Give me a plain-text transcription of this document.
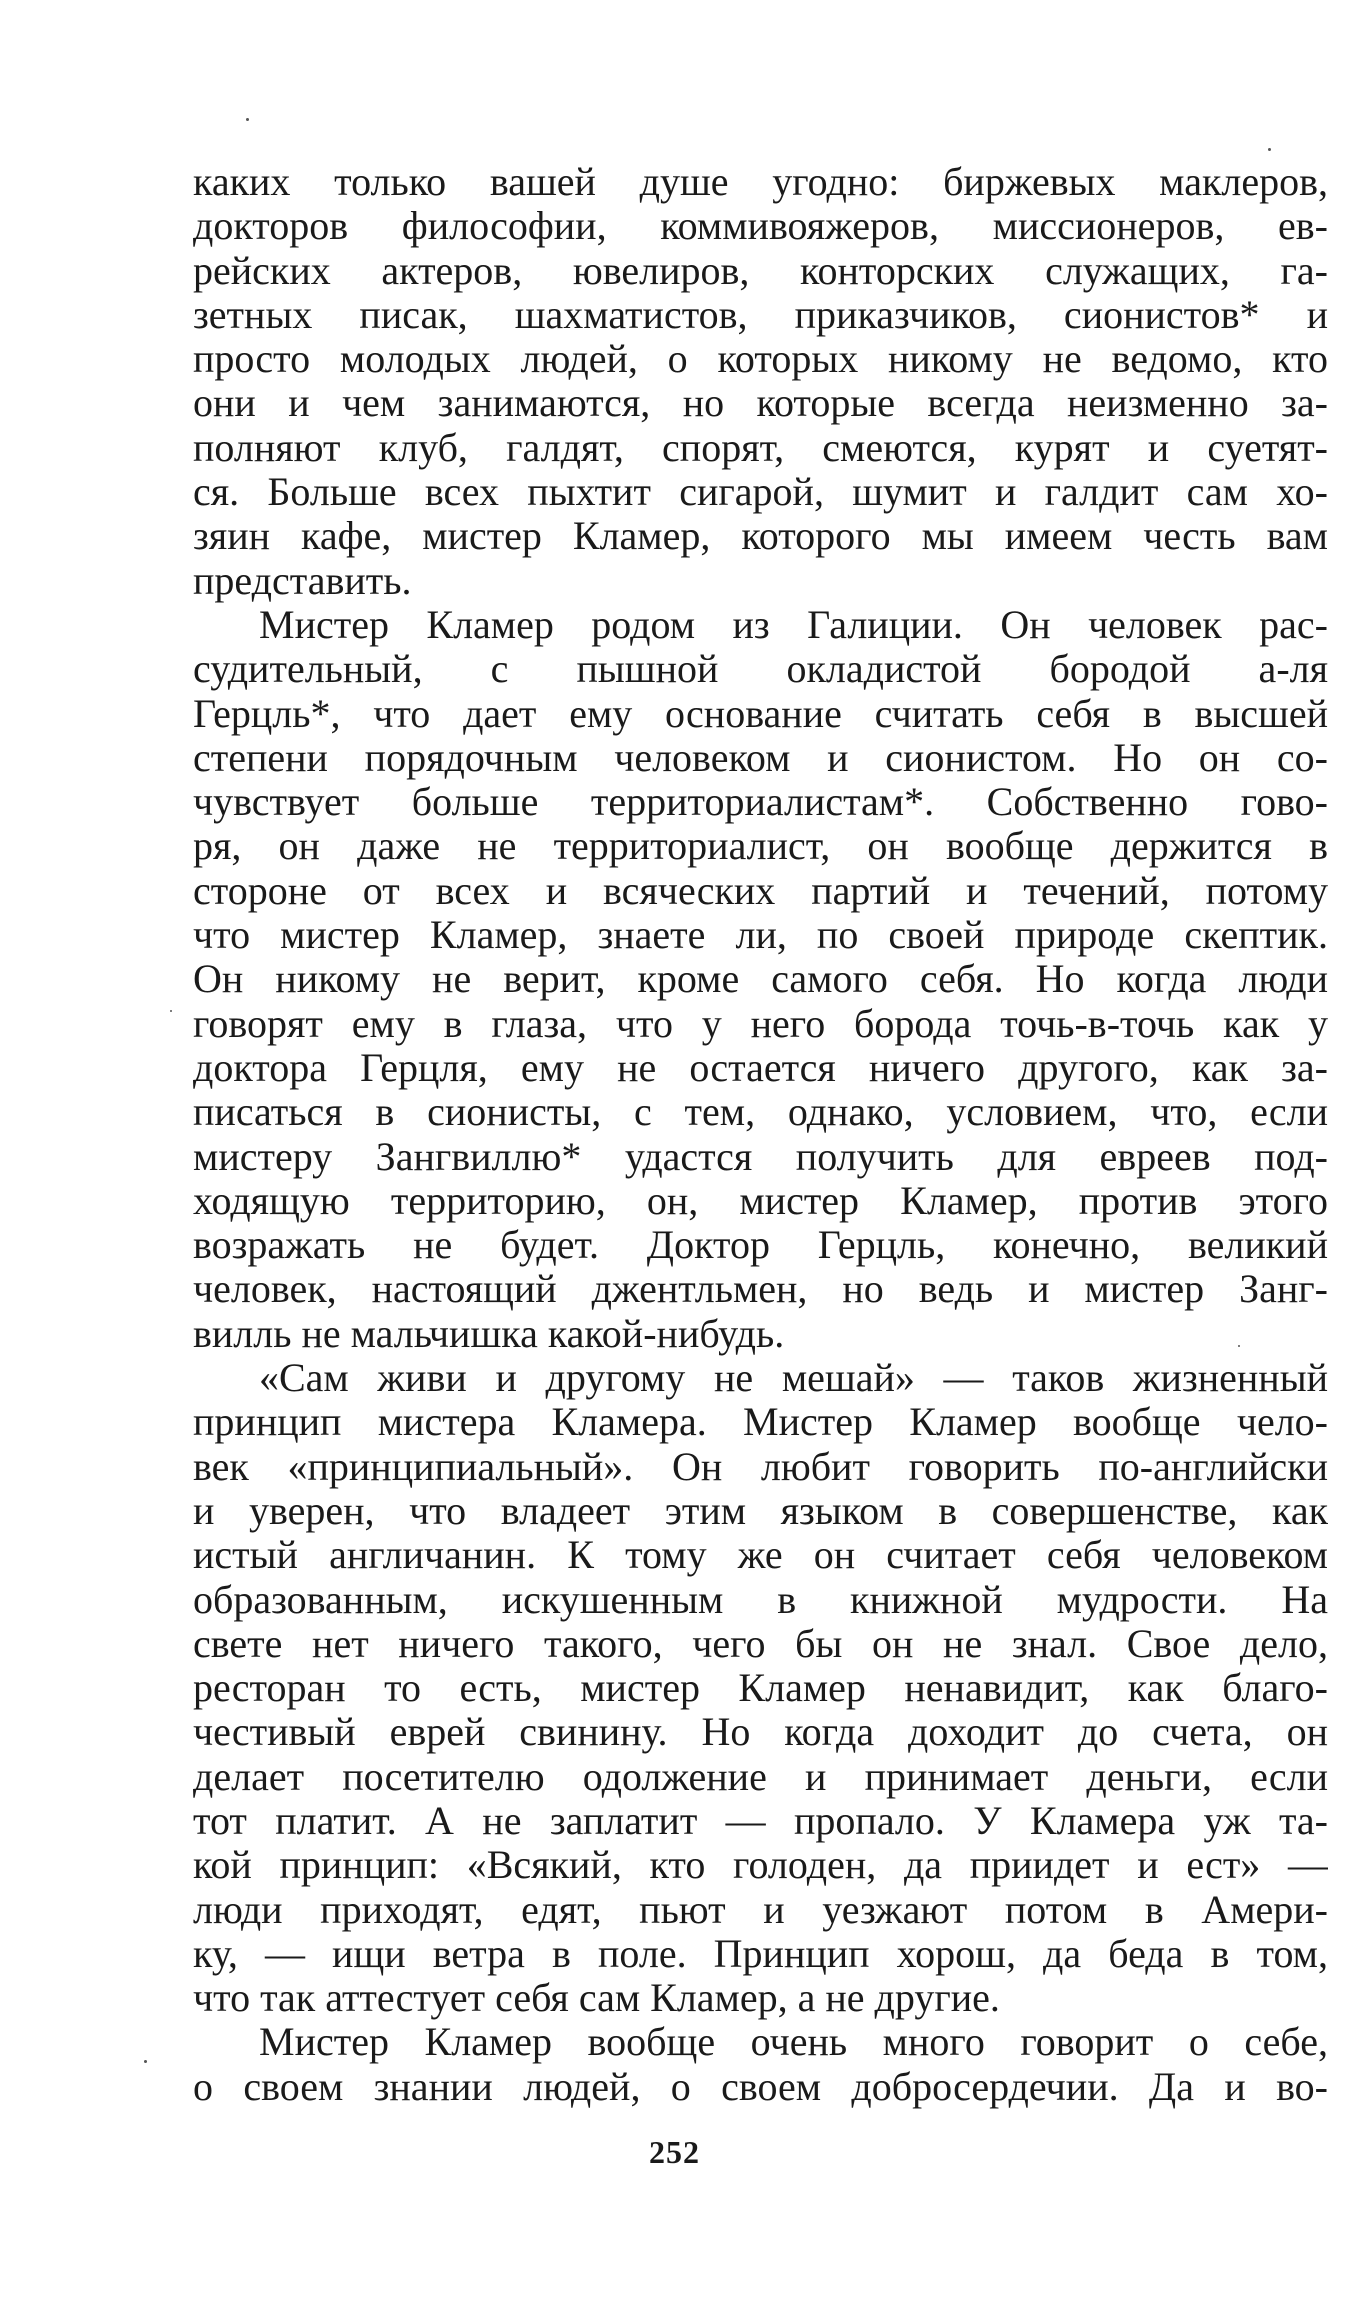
каких только вашей душе угодно: биржевых маклеров,
докторов философии, коммивояжеров, миссионеров, ев-
рейских актеров, ювелиров, конторских служащих, га-
зетных писак, шахматистов, приказчиков, сионистов* и
просто молодых людей, о которых никому не ведомо, кто
они и чем занимаются, но которые всегда неизменно за-
полняют клуб, галдят, спорят, смеются, курят и суетят-
ся. Больше всех пыхтит сигарой, шумит и галдит сам хо-
зяин кафе, мистер Кламер, которого мы имеем честь вам
представить.
Мистер Кламер родом из Галиции. Он человек рас-
судительный, с пышной окладистой бородой а-ля
Герцль*, что дает ему основание считать себя в высшей
степени порядочным человеком и сионистом. Но он со-
чувствует больше территориалистам*. Собственно гово-
ря, он даже не территориалист, он вообще держится в
стороне от всех и всяческих партий и течений, потому
что мистер Кламер, знаете ли, по своей природе скептик.
Он никому не верит, кроме самого себя. Но когда люди
говорят ему в глаза, что у него борода точь-в-точь как у
доктора Герцля, ему не остается ничего другого, как за-
писаться в сионисты, с тем, однако, условием, что, если
мистеру Зангвиллю* удастся получить для евреев под-
ходящую территорию, он, мистер Кламер, против этого
возражать не будет. Доктор Герцль, конечно, великий
человек, настоящий джентльмен, но ведь и мистер Занг-
вилль не мальчишка какой-нибудь.
«Сам живи и другому не мешай» — таков жизненный
принцип мистера Кламера. Мистер Кламер вообще чело-
век «принципиальный». Он любит говорить по-английски
и уверен, что владеет этим языком в совершенстве, как
истый англичанин. К тому же он считает себя человеком
образованным, искушенным в книжной мудрости. На
свете нет ничего такого, чего бы он не знал. Свое дело,
ресторан то есть, мистер Кламер ненавидит, как благо-
честивый еврей свинину. Но когда доходит до счета, он
делает посетителю одолжение и принимает деньги, если
тот платит. А не заплатит — пропало. У Кламера уж та-
кой принцип: «Всякий, кто голоден, да приидет и ест» —
люди приходят, едят, пьют и уезжают потом в Амери-
ку, — ищи ветра в поле. Принцип хорош, да беда в том,
что так аттестует себя сам Кламер, а не другие.
Мистер Кламер вообще очень много говорит о себе,
о своем знании людей, о своем добросердечии. Да и во-
252
